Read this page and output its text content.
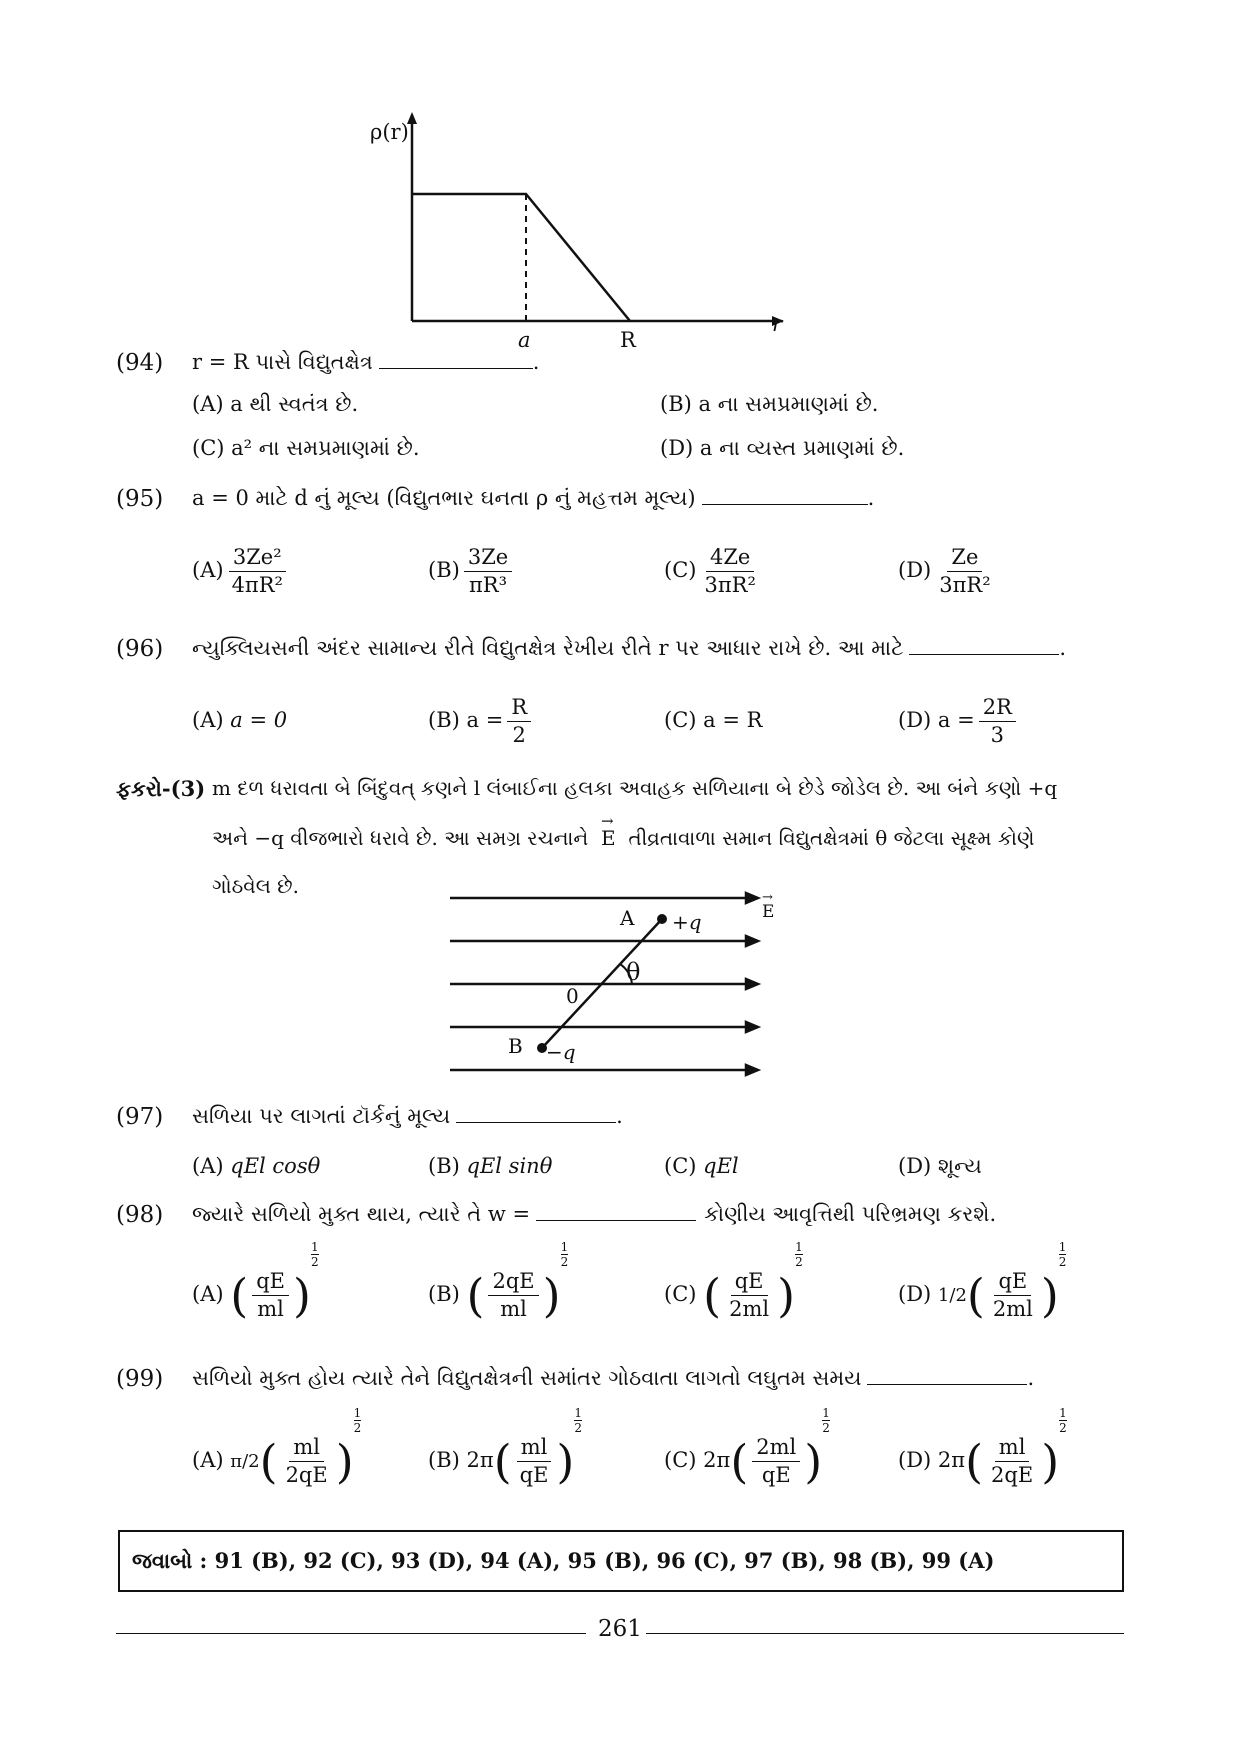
ρ(r)
r
a	R
(94) r = R પાસે વિદ્યુતક્ષેત્ર	.
(A) a થી સ્વતંત્ર છે.	(B) a ના સમપ્રમાણમાં છે.
(C) a² ના સમપ્રમાણમાં છે.	(D) a ના વ્યસ્ત પ્રમાણમાં છે.
(95) a = 0 માટે d નું મૂલ્ય (વિદ્યુતભાર ઘનતા ρ નું મહત્તમ મૂલ્ય)	.
$(A) \frac{\text{3Ze²}}{\text{4πR²}}$	$(B) \frac{3Ze}{\text{πR³}}$	$(C) \frac{4Ze}{\text{3πR²}}$	$(D) \frac{Ze}{\text{3πR²}}$
(96) ન્યુક્લિયસની અંદર સામાન્ય રીતે વિદ્યુતક્ષેત્ર રેખીય રીતે r પર આધાર રાખે છે. આ માટે	.
(A) a = 0	(B) $a = \frac{R}{2}$	(C) a = R	(D) $a = \frac{2R}{3}$
ફકરો-(3) m દળ ધરાવતા બે બિંદુવત્ કણને l લંબાઈના હલકા અવાહક સળિયાના બે છેડે જોડેલ છે. આ બંને કણો +q
અને −q વીજભારો ધરાવે છે. આ સમગ્ર રચનાને
→
E તીવ્રતાવાળા સમાન વિદ્યુતક્ષેત્રમાં θ જેટલા સૂક્ષ્મ કોણે
ગોઠવેલ છે.
A +q
B −q
0
θ
→
E
(97) સળિયા પર લાગતાં ટૉર્કનું મૂલ્ય	.
(A) qEl cosθ	(B) qEl sinθ	(C) qEl	(D) શૂન્ય
(98) જ્યારે સળિયો મુક્ત થાય, ત્યારે તે w =	કોણીય આવૃત્તિથી પરિભ્રમણ કરશે.
(A) ( $\frac{qE}{ml}$ )
$\frac{1}{2}$
(B) ( $\frac{2qE}{ml}$ )
$\frac{1}{2}$
(C) ( $\frac{qE}{2ml}$ )
$\frac{1}{2}$
(D) $1/2( \frac{qE}{2ml}$ )
$\frac{1}{2}$
(99) સળિયો મુક્ત હોય ત્યારે તેને વિદ્યુતક્ષેત્રની સમાંતર ગોઠવાતા લાગતો લઘુતમ સમય	.
(A) $\pi/2( \frac{ml}{2qE}$ )
$\frac{1}{2}$
(B) $2\pi( \frac{ml}{qE}$ )
$\frac{1}{2}$
(C) $2\pi( \frac{2ml}{qE}$ )
$\frac{1}{2}$
(D) $2\pi( \frac{ml}{2qE}$ )
$\frac{1}{2}$
જવાબો : 91 (B), 92 (C), 93 (D), 94 (A), 95 (B), 96 (C), 97 (B), 98 (B), 99 (A)
261
